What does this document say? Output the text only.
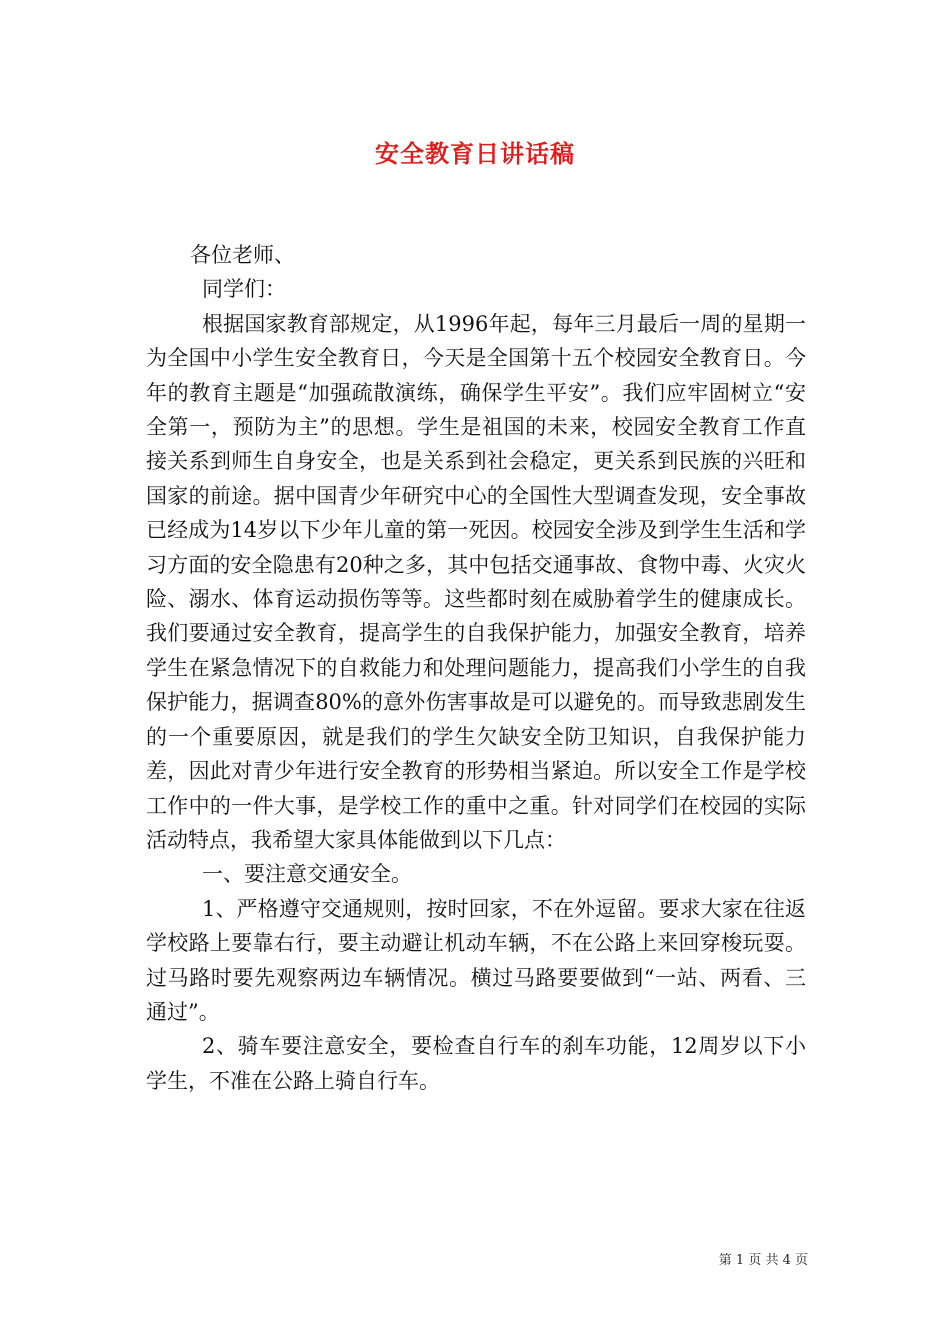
安全教育日讲话稿
各位老师、
同学们：

根据国家教育部规定，从1996年起，每年三月最后一周的星期一为全国中小学生安全教育日，今天是全国第十五个校园安全教育日。今年的教育主题是“加强疏散演练，确保学生平安”。我们应牢固树立“安全第一，预防为主”的思想。学生是祖国的未来，校园安全教育工作直接关系到师生自身安全，也是关系到社会稳定，更关系到民族的兴旺和国家的前途。据中国青少年研究中心的全国性大型调查发现，安全事故已经成为14岁以下少年儿童的第一死因。校园安全涉及到学生生活和学习方面的安全隐患有20种之多，其中包括交通事故、食物中毒、火灾火险、溺水、体育运动损伤等等。这些都时刻在威胁着学生的健康成长。我们要通过安全教育，提高学生的自我保护能力，加强安全教育，培养学生在紧急情况下的自救能力和处理问题能力，提高我们小学生的自我保护能力，据调查80%的意外伤害事故是可以避免的。而导致悲剧发生的一个重要原因，就是我们的学生欠缺安全防卫知识，自我保护能力差，因此对青少年进行安全教育的形势相当紧迫。所以安全工作是学校工作中的一件大事，是学校工作的重中之重。针对同学们在校园的实际活动特点，我希望大家具体能做到以下几点：

一、要注意交通安全。

1、严格遵守交通规则，按时回家，不在外逗留。要求大家在往返学校路上要靠右行，要主动避让机动车辆，不在公路上来回穿梭玩耍。过马路时要先观察两边车辆情况。横过马路要要做到“一站、两看、三通过”。

2、骑车要注意安全，要检查自行车的刹车功能，12周岁以下小学生，不准在公路上骑自行车。

第 1 页 共 4 页
